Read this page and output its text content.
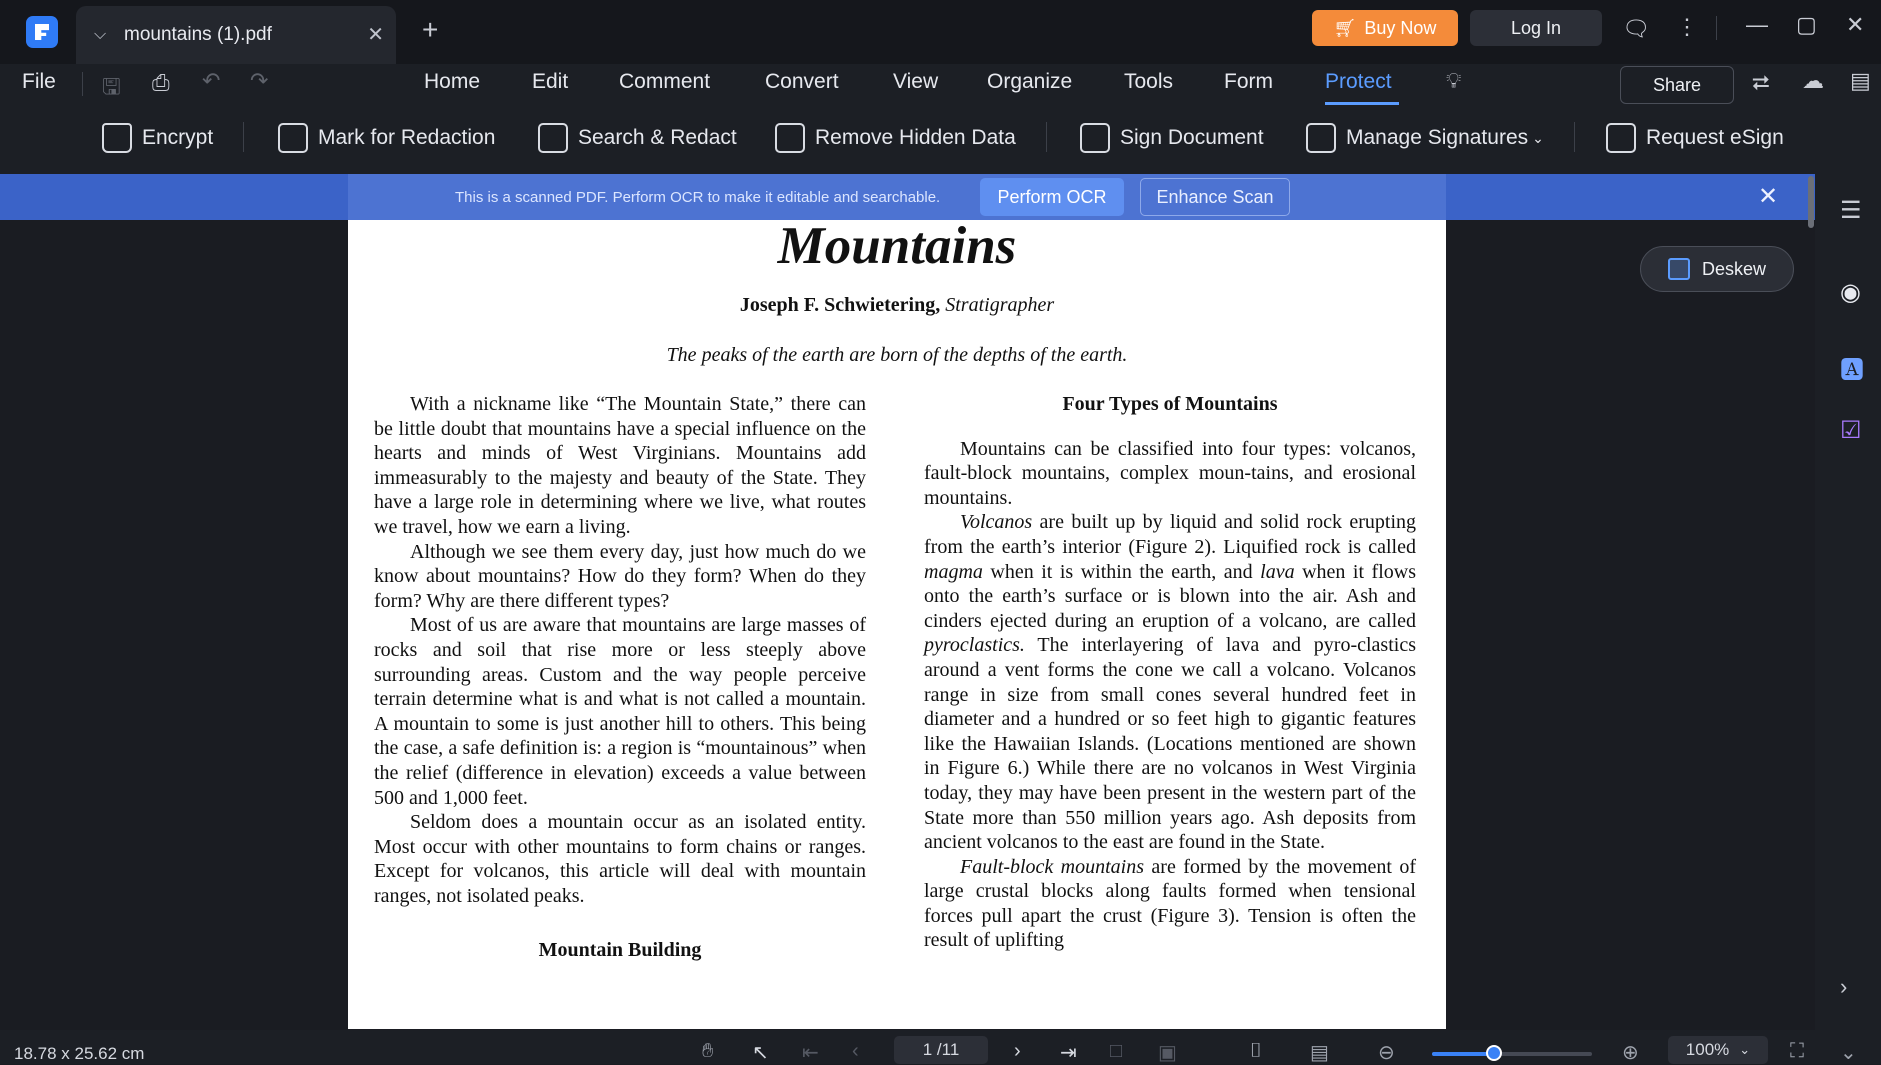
⌵ mountains (1).pdf	✕ +	🛒︎ Buy Now	Log In	🗨︎ ⋮ — ▢ ✕
File 🖫︎ ⎙ ↶ ↷	Home Edit Comment	Convert	View Organize Tools Form Protect 💡︎	Share	⮂ ☁︎ ▤
Encrypt	Mark for Redaction	Search & Redact	Remove Hidden Data	Sign Document	Manage Signatures ⌄	Request eSign
This is a scanned PDF. Perform OCR to make it editable and searchable.	Perform OCR	Enhance Scan	✕
Mountains
Joseph F. Schwietering, Stratigrapher
The peaks of the earth are born of the depths of the earth.

With a nickname like “The Mountain State,” there can be little doubt that mountains have a special influence on the hearts and minds of West Virginians. Mountains add immeasurably to the majesty and beauty of the State. They have a large role in determining where we live, what routes we travel, how we earn a living.

Although we see them every day, just how much do we know about mountains? How do they form? When do they form? Why are there different types?

Most of us are aware that mountains are large masses of rocks and soil that rise more or less steeply above surrounding areas. Custom and the way people perceive terrain determine what is and what is not called a mountain. A mountain to some is just another hill to others. This being the case, a safe definition is: a region is “mountainous” when the relief (difference in elevation) exceeds a value between 500 and 1,000 feet.

Seldom does a mountain occur as an isolated entity. Most occur with other mountains to form chains or ranges. Except for volcanos, this article will deal with mountain ranges, not isolated peaks.

Mountain Building
Four Types of Mountains

Mountains can be classified into four types: volcanos, fault-block mountains, complex moun-tains, and erosional mountains.

Volcanos are built up by liquid and solid rock erupting from the earth’s interior (Figure 2). Liquified rock is called magma when it is within the earth, and lava when it flows onto the earth’s surface or is blown into the air. Ash and cinders ejected during an eruption of a volcano, are called pyroclastics. The interlayering of lava and pyro-clastics around a vent forms the cone we call a volcano. Volcanos range in size from small cones several hundred feet in diameter and a hundred or so feet high to gigantic features like the Hawaiian Islands. (Locations mentioned are shown in Figure 6.) While there are no volcanos in West Virginia today, they may have been present in the western part of the State more than 550 million years ago. Ash deposits from ancient volcanos to the east are found in the State.

Fault-block mountains are formed by the movement of large crustal blocks along faults formed when tensional forces pull apart the crust (Figure 3). Tension is often the result of uplifting

☰
◉
🅰︎
☑
›
Deskew
18.78 x 25.62 cm	✋︎ ↖ ⇤ ‹	1 /11	› ⇥ □ ▣	⌷ ▤ ⊖	⊕	100% ⌄ ⛶ ⌄
